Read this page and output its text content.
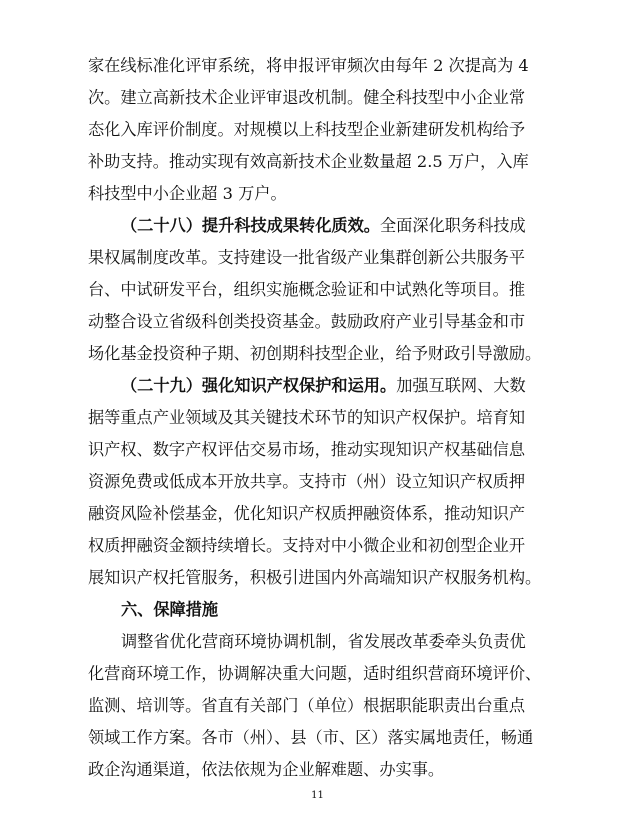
家在线标准化评审系统，将申报评审频次由每年 2 次提高为 4
次。建立高新技术企业评审退改机制。健全科技型中小企业常
态化入库评价制度。对规模以上科技型企业新建研发机构给予
补助支持。推动实现有效高新技术企业数量超 2.5 万户，入库
科技型中小企业超 3 万户。
（二十八）提升科技成果转化质效。全面深化职务科技成
果权属制度改革。支持建设一批省级产业集群创新公共服务平
台、中试研发平台，组织实施概念验证和中试熟化等项目。推
动整合设立省级科创类投资基金。鼓励政府产业引导基金和市
场化基金投资种子期、初创期科技型企业，给予财政引导激励。
（二十九）强化知识产权保护和运用。加强互联网、大数
据等重点产业领域及其关键技术环节的知识产权保护。培育知
识产权、数字产权评估交易市场，推动实现知识产权基础信息
资源免费或低成本开放共享。支持市（州）设立知识产权质押
融资风险补偿基金，优化知识产权质押融资体系，推动知识产
权质押融资金额持续增长。支持对中小微企业和初创型企业开
展知识产权托管服务，积极引进国内外高端知识产权服务机构。
六、保障措施
调整省优化营商环境协调机制，省发展改革委牵头负责优
化营商环境工作，协调解决重大问题，适时组织营商环境评价、
监测、培训等。省直有关部门（单位）根据职能职责出台重点
领域工作方案。各市（州）、县（市、区）落实属地责任，畅通
政企沟通渠道，依法依规为企业解难题、办实事。
11
